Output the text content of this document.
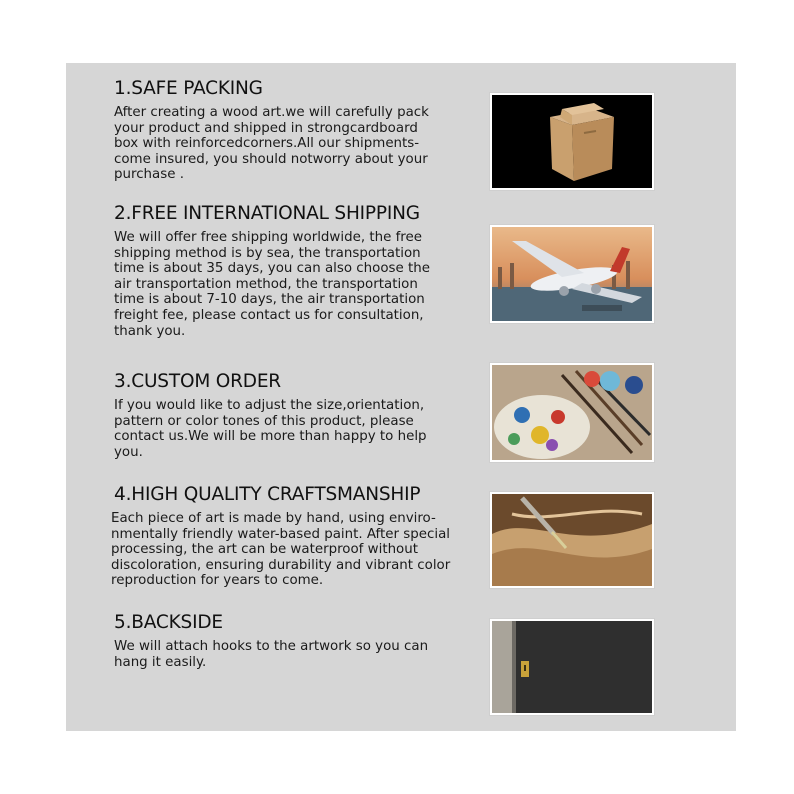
1.SAFE PACKING

After creating a wood art.we will carefully pack
your product and shipped in strongcardboard
box with reinforcedcorners.All our shipments-
come insured, you should notworry about your
purchase .

2.FREE INTERNATIONAL SHIPPING

We will offer free shipping worldwide, the free
shipping method is by sea, the transportation
time is about 35 days, you can also choose the
air transportation method, the transportation
time is about 7-10 days, the air transportation
freight fee, please contact us for consultation,
thank you.

3.CUSTOM ORDER

If you would like to adjust the size,orientation,
pattern or color tones of this product, please
contact us.We will be more than happy to help
you.

4.HIGH QUALITY CRAFTSMANSHIP

Each piece of art is made by hand, using enviro-
nmentally friendly water-based paint. After special
processing, the art can be waterproof without
discoloration, ensuring durability and vibrant color
reproduction for years to come.

5.BACKSIDE

We will attach hooks to the artwork so you can
hang it easily.
